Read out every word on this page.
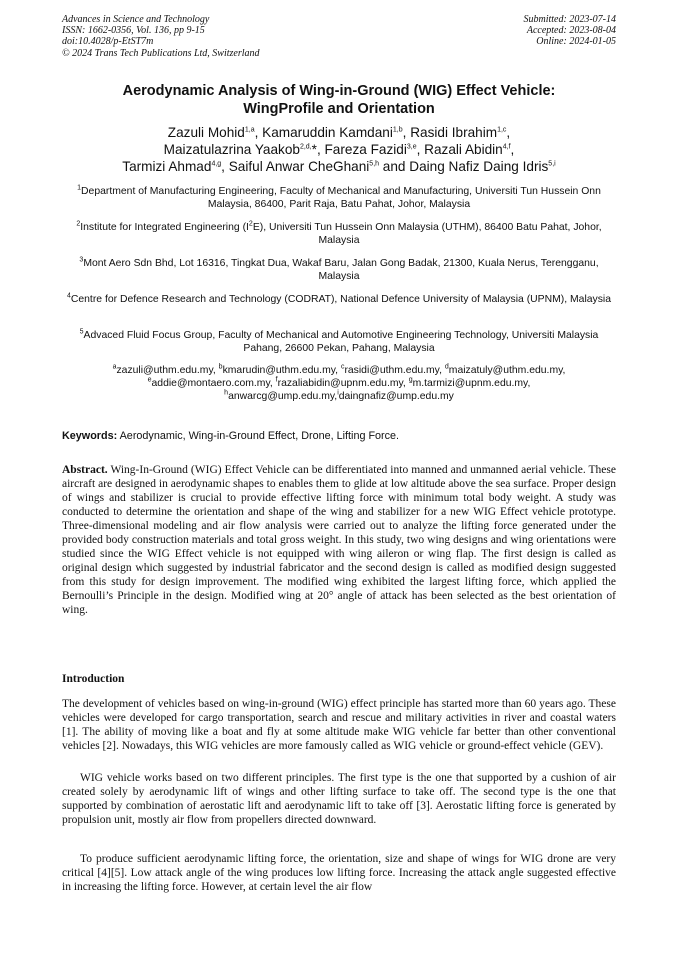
Advances in Science and Technology
ISSN: 1662-0356, Vol. 136, pp 9-15
doi:10.4028/p-EtST7m
© 2024 Trans Tech Publications Ltd, Switzerland
Submitted: 2023-07-14
Accepted: 2023-08-04
Online: 2024-01-05
Aerodynamic Analysis of Wing-in-Ground (WIG) Effect Vehicle:
WingProfile and Orientation
Zazuli Mohid$^{1,a}$, Kamaruddin Kamdani$^{1,b}$, Rasidi Ibrahim$^{1,c}$,
Maizatulazrina Yaakob$^{2,d,}$*, Fareza Fazidi$^{3,e}$, Razali Abidin$^{4,f}$,
Tarmizi Ahmad$^{4,g}$, Saiful Anwar CheGhani$^{5,h}$ and Daing Nafiz Daing Idris$^{5,i}$
$^1$Department of Manufacturing Engineering, Faculty of Mechanical and Manufacturing, Universiti Tun Hussein Onn Malaysia, 86400, Parit Raja, Batu Pahat, Johor, Malaysia
$^2$Institute for Integrated Engineering $(I^2E)$, Universiti Tun Hussein Onn Malaysia (UTHM), 86400 Batu Pahat, Johor, Malaysia
$^3$Mont Aero Sdn Bhd, Lot 16316, Tingkat Dua, Wakaf Baru, Jalan Gong Badak, 21300, Kuala Nerus, Terengganu, Malaysia
$^4$Centre for Defence Research and Technology (CODRAT), National Defence University of Malaysia (UPNM), Malaysia
$^5$Advaced Fluid Focus Group, Faculty of Mechanical and Automotive Engineering Technology, Universiti Malaysia Pahang, 26600 Pekan, Pahang, Malaysia
$^a$zazuli@uthm.edu.my, $^b$kmarudin@uthm.edu.my, $^c$rasidi@uthm.edu.my, $^d$maizatuly@uthm.edu.my,
$^e$addie@montaero.com.my, $^f$razaliabidin@upnm.edu.my, $^g$m.tarmizi@upnm.edu.my,
$^h$anwarcg@ump.edu.my,$^i$daingnafiz@ump.edu.my
Keywords: Aerodynamic, Wing-in-Ground Effect, Drone, Lifting Force.
Abstract. Wing-In-Ground (WIG) Effect Vehicle can be differentiated into manned and unmanned aerial vehicle. These aircraft are designed in aerodynamic shapes to enables them to glide at low altitude above the sea surface. Proper design of wings and stabilizer is crucial to provide effective lifting force with minimum total body weight. A study was conducted to determine the orientation and shape of the wing and stabilizer for a new WIG Effect vehicle prototype. Three-dimensional modeling and air flow analysis were carried out to analyze the lifting force generated under the provided body construction materials and total gross weight. In this study, two wing designs and wing orientations were studied since the WIG Effect vehicle is not equipped with wing aileron or wing flap. The first design is called as original design which suggested by industrial fabricator and the second design is called as modified design suggested from this study for design improvement. The modified wing exhibited the largest lifting force, which applied the Bernoulli’s Principle in the design. Modified wing at 20° angle of attack has been selected as the best orientation of wing.
Introduction

The development of vehicles based on wing-in-ground (WIG) effect principle has started more than 60 years ago. These vehicles were developed for cargo transportation, search and rescue and military activities in river and coastal waters [1]. The ability of moving like a boat and fly at some altitude make WIG vehicle far better than other conventional vehicles [2]. Nowadays, this WIG vehicles are more famously called as WIG vehicle or ground-effect vehicle (GEV).

WIG vehicle works based on two different principles. The first type is the one that supported by a cushion of air created solely by aerodynamic lift of wings and other lifting surface to take off. The second type is the one that supported by combination of aerostatic lift and aerodynamic lift to take off [3]. Aerostatic lifting force is generated by propulsion unit, mostly air flow from propellers directed downward.

To produce sufficient aerodynamic lifting force, the orientation, size and shape of wings for WIG drone are very critical [4][5]. Low attack angle of the wing produces low lifting force. Increasing the attack angle suggested effective in increasing the lifting force. However, at certain level the air flow
